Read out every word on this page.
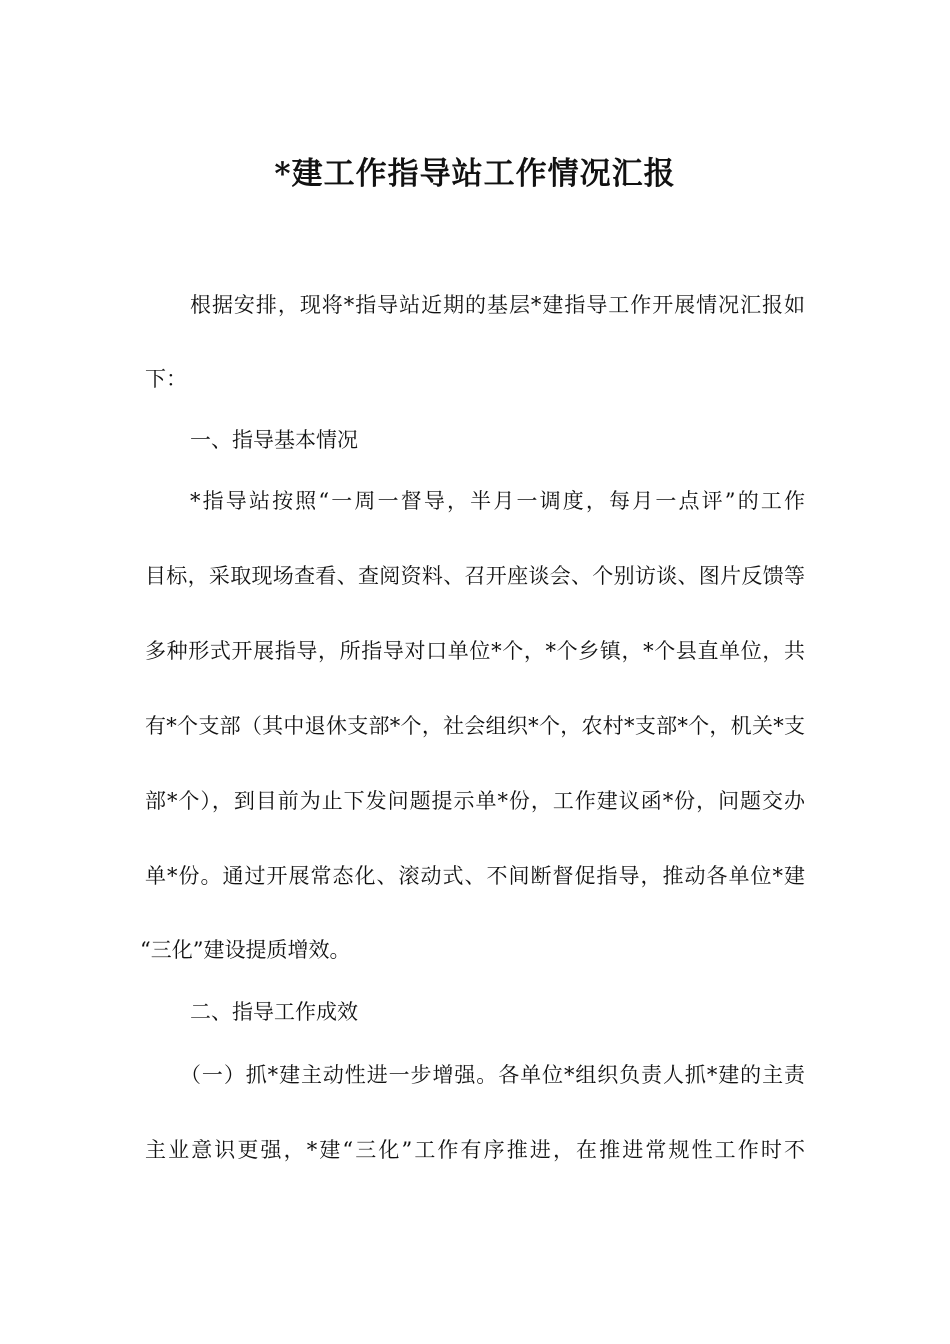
*建工作指导站工作情况汇报
根据安排，现将*指导站近期的基层*建指导工作开展情况汇报如
下：
一、指导基本情况
*指导站按照“一周一督导，半月一调度，每月一点评”的工作
目标，采取现场查看、查阅资料、召开座谈会、个别访谈、图片反馈等
多种形式开展指导，所指导对口单位*个，*个乡镇，*个县直单位，共
有*个支部（其中退休支部*个，社会组织*个，农村*支部*个，机关*支
部*个），到目前为止下发问题提示单*份，工作建议函*份，问题交办
单*份。通过开展常态化、滚动式、不间断督促指导，推动各单位*建
“三化”建设提质增效。
二、指导工作成效
（一）抓*建主动性进一步增强。各单位*组织负责人抓*建的主责
主业意识更强，*建“三化”工作有序推进，在推进常规性工作时不
